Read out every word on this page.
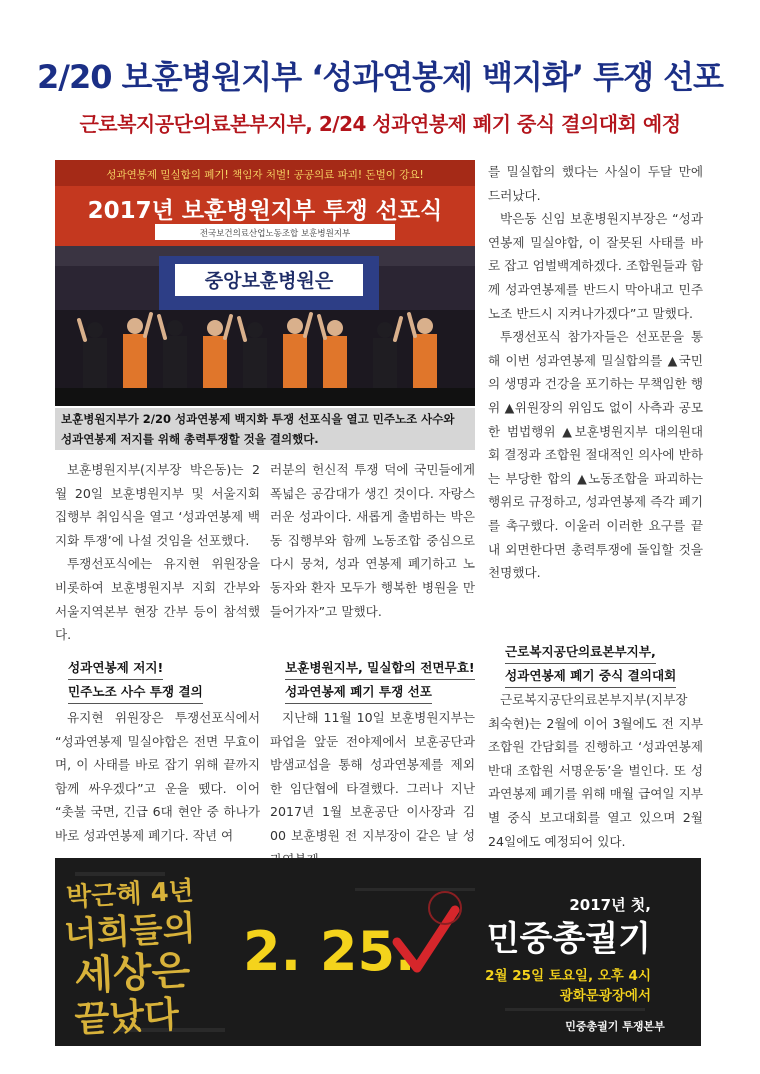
2/20 보훈병원지부 ‘성과연봉제 백지화’ 투쟁 선포
근로복지공단의료본부지부, 2/24 성과연봉제 폐기 중식 결의대회 예정
성과연봉제 밀실합의 폐기! 책임자 처벌! 공공의료 파괴! 돈벌이 강요!
2017년 보훈병원지부 투쟁 선포식
전국보건의료산업노동조합 보훈병원지부
중앙보훈병원은
보훈병원지부가 2/20 성과연봉제 백지화 투쟁 선포식을 열고 민주노조 사수와 성과연봉제 저지를 위해 총력투쟁할 것을 결의했다.

보훈병원지부(지부장 박은동)는 2월 20일 보훈병원지부 및 서울지회 집행부 취임식을 열고 ‘성과연봉제 백지화 투쟁’에 나설 것임을 선포했다.

투쟁선포식에는 유지현 위원장을 비롯하여 보훈병원지부 지회 간부와 서울지역본부 현장 간부 등이 참석했다.

러분의 헌신적 투쟁 덕에 국민들에게 폭넓은 공감대가 생긴 것이다. 자랑스러운 성과이다. 새롭게 출범하는 박은동 집행부와 함께 노동조합 중심으로 다시 뭉쳐, 성과 연봉제 폐기하고 노동자와 환자 모두가 행복한 병원을 만들어가자”고 말했다.

를 밀실합의 했다는 사실이 두달 만에 드러났다.

박은동 신임 보훈병원지부장은 “성과연봉제 밀실야합, 이 잘못된 사태를 바로 잡고 엄벌백계하겠다. 조합원들과 함께 성과연봉제를 반드시 막아내고 민주노조 반드시 지켜나가겠다”고 말했다.

투쟁선포식 참가자들은 선포문을 통해 이번 성과연봉제 밀실합의를 ▲국민의 생명과 건강을 포기하는 무책임한 행위 ▲위원장의 위임도 없이 사측과 공모한 범법행위 ▲보훈병원지부 대의원대회 결정과 조합원 절대적인 의사에 반하는 부당한 합의 ▲노동조합을 파괴하는 행위로 규정하고, 성과연봉제 즉각 폐기를 촉구했다. 이울러 이러한 요구를 끝내 외면한다면 총력투쟁에 돌입할 것을 천명했다.

성과연봉제 저지!
민주노조 사수 투쟁 결의

유지현 위원장은 투쟁선포식에서 “성과연봉제 밀실야합은 전면 무효이며, 이 사태를 바로 잡기 위해 끝까지 함께 싸우겠다”고 운을 뗐다. 이어 “촛불 국면, 긴급 6대 현안 중 하나가 바로 성과연봉제 폐기다. 작년 여

보훈병원지부, 밀실합의 전면무효!
성과연봉제 폐기 투쟁 선포

지난해 11월 10일 보훈병원지부는 파업을 앞둔 전야제에서 보훈공단과 밤샘교섭을 통해 성과연봉제를 제외한 임단협에 타결했다. 그러나 지난 2017년 1월 보훈공단 이사장과 김00 보훈병원 전 지부장이 같은 날 성

근로복지공단의료본부지부,
성과연봉제 폐기 중식 결의대회

근로복지공단의료본부지부(지부장 최숙현)는 2월에 이어 3월에도 전 지부 조합원 간담회를 진행하고 ‘성과연봉제 반대 조합원 서명운동’을 벌인다. 또 성과연봉제 폐기를 위해 매월 급여일 지부별 중식 보고대회를 열고 있으며 2월 24일에도 예정되어 있다.

박근혜 4년
너희들의
세상은
끝났다
2. 25.
2017년 첫,
민중총궐기
2월 25일 토요일, 오후 4시
광화문광장에서
민중총궐기 투쟁본부
